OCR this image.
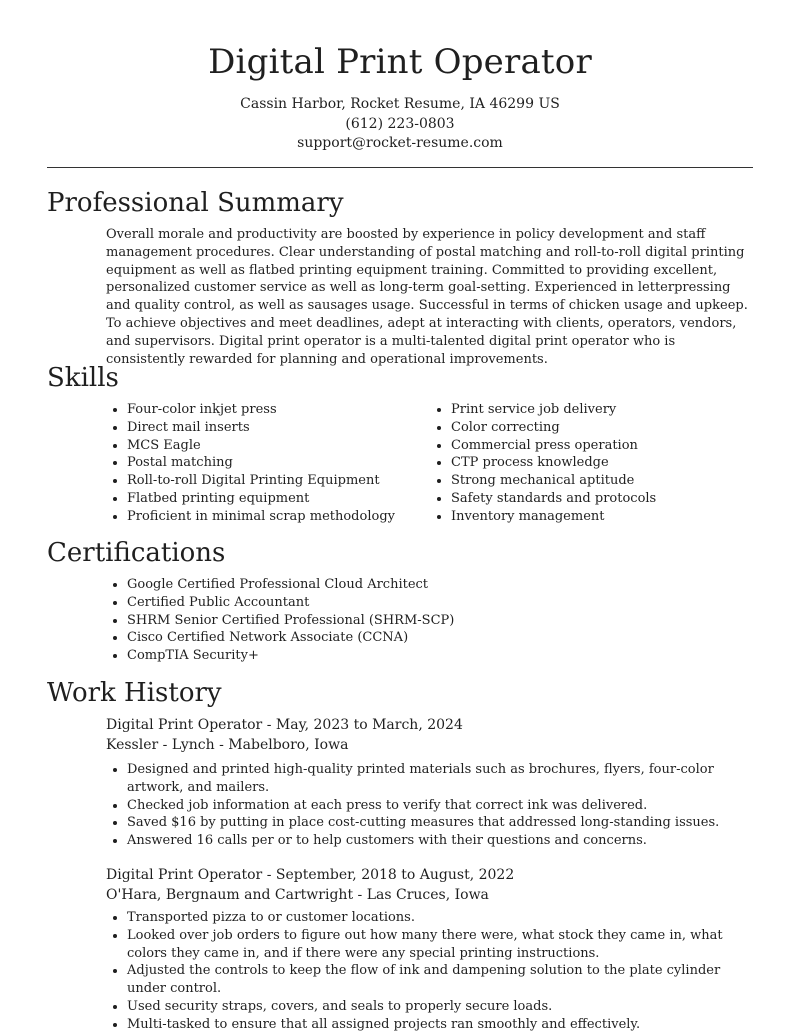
Digital Print Operator
Cassin Harbor, Rocket Resume, IA 46299 US
(612) 223-0803
support@rocket-resume.com
Professional Summary

Overall morale and productivity are boosted by experience in policy development and staff management procedures. Clear understanding of postal matching and roll-to-roll digital printing equipment as well as flatbed printing equipment training. Committed to providing excellent, personalized customer service as well as long-term goal-setting. Experienced in letterpressing and quality control, as well as sausages usage. Successful in terms of chicken usage and upkeep. To achieve objectives and meet deadlines, adept at interacting with clients, operators, vendors, and supervisors. Digital print operator is a multi-talented digital print operator who is consistently rewarded for planning and operational improvements.

Skills
• Four-color inkjet press
• Direct mail inserts
• MCS Eagle
• Postal matching
• Roll-to-roll Digital Printing Equipment
• Flatbed printing equipment
• Proficient in minimal scrap methodology
• Print service job delivery
• Color correcting
• Commercial press operation
• CTP process knowledge
• Strong mechanical aptitude
• Safety standards and protocols
• Inventory management
Certifications
• Google Certified Professional Cloud Architect
• Certified Public Accountant
• SHRM Senior Certified Professional (SHRM-SCP)
• Cisco Certified Network Associate (CCNA)
• CompTIA Security+
Work History
Digital Print Operator - May, 2023 to March, 2024
Kessler - Lynch - Mabelboro, Iowa
• Designed and printed high-quality printed materials such as brochures, flyers, four-color artwork, and mailers.
• Checked job information at each press to verify that correct ink was delivered.
• Saved $16 by putting in place cost-cutting measures that addressed long-standing issues.
• Answered 16 calls per or to help customers with their questions and concerns.
Digital Print Operator - September, 2018 to August, 2022
O'Hara, Bergnaum and Cartwright - Las Cruces, Iowa
• Transported pizza to or customer locations.
• Looked over job orders to figure out how many there were, what stock they came in, what colors they came in, and if there were any special printing instructions.
• Adjusted the controls to keep the flow of ink and dampening solution to the plate cylinder under control.
• Used security straps, covers, and seals to properly secure loads.
• Multi-tasked to ensure that all assigned projects ran smoothly and effectively.
